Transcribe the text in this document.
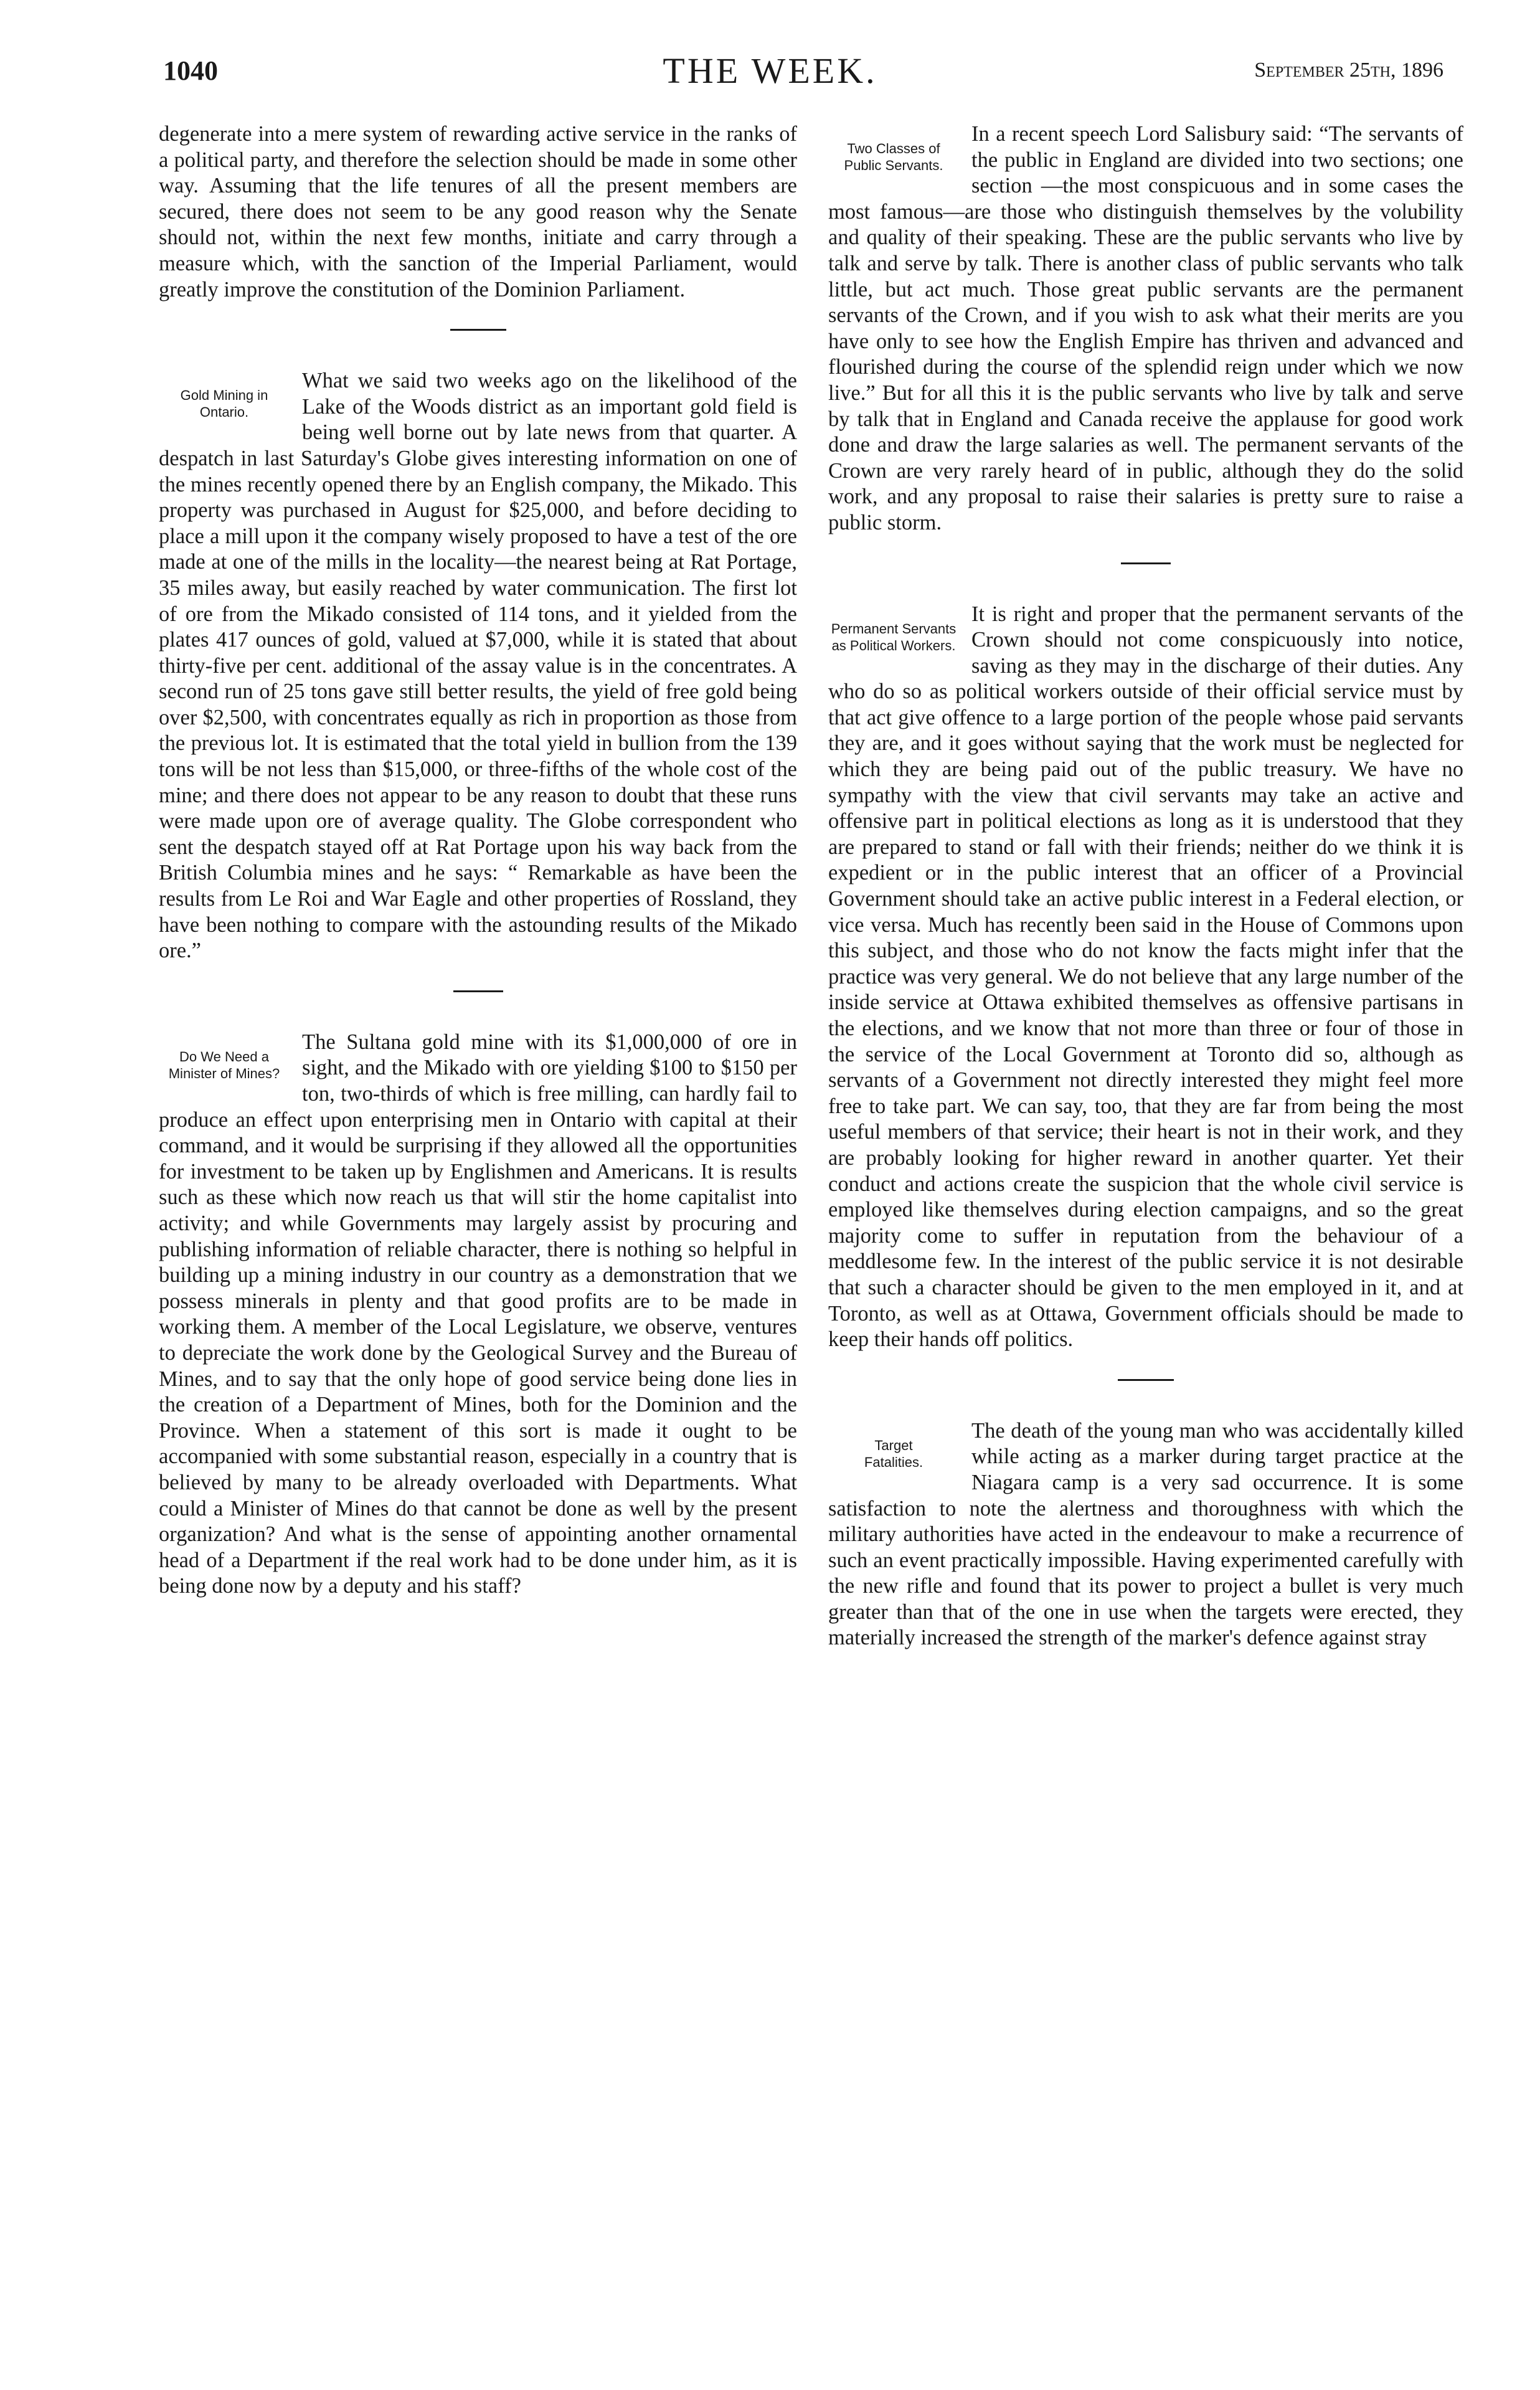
1040	THE WEEK.	September 25th, 1896

degenerate into a mere system of rewarding active service in the ranks of a political party, and therefore the selection should be made in some other way. Assuming that the life tenures of all the present members are secured, there does not seem to be any good reason why the Senate should not, within the next few months, initiate and carry through a measure which, with the sanction of the Imperial Parliament, would greatly improve the constitution of the Dominion Parliament.

Gold Mining in
Ontario.

What we said two weeks ago on the likelihood of the Lake of the Woods district as an important gold field is being well borne out by late news from that quarter. A despatch in last Saturday's Globe gives interesting information on one of the mines recently opened there by an English company, the Mikado. This property was purchased in August for $25,000, and before deciding to place a mill upon it the company wisely proposed to have a test of the ore made at one of the mills in the locality—the nearest being at Rat Portage, 35 miles away, but easily reached by water communication. The first lot of ore from the Mikado consisted of 114 tons, and it yielded from the plates 417 ounces of gold, valued at $7,000, while it is stated that about thirty-five per cent. additional of the assay value is in the concentrates. A second run of 25 tons gave still better results, the yield of free gold being over $2,500, with concentrates equally as rich in proportion as those from the previous lot. It is estimated that the total yield in bullion from the 139 tons will be not less than $15,000, or three-fifths of the whole cost of the mine; and there does not appear to be any reason to doubt that these runs were made upon ore of average quality. The Globe correspondent who sent the despatch stayed off at Rat Portage upon his way back from the British Columbia mines and he says: “ Remarkable as have been the results from Le Roi and War Eagle and other properties of Rossland, they have been nothing to compare with the astounding results of the Mikado ore.”

Do We Need a
Minister of Mines?

The Sultana gold mine with its $1,000,000 of ore in sight, and the Mikado with ore yielding $100 to $150 per ton, two-thirds of which is free milling, can hardly fail to produce an effect upon enterprising men in Ontario with capital at their command, and it would be surprising if they allowed all the opportunities for investment to be taken up by Englishmen and Americans. It is results such as these which now reach us that will stir the home capitalist into activity; and while Governments may largely assist by procuring and publishing information of reliable character, there is nothing so helpful in building up a mining industry in our country as a demonstration that we possess minerals in plenty and that good profits are to be made in working them. A member of the Local Legislature, we observe, ventures to depreciate the work done by the Geological Survey and the Bureau of Mines, and to say that the only hope of good service being done lies in the creation of a Department of Mines, both for the Dominion and the Province. When a statement of this sort is made it ought to be accompanied with some substantial reason, especially in a country that is believed by many to be already overloaded with Departments. What could a Minister of Mines do that cannot be done as well by the present organization? And what is the sense of appointing another ornamental head of a Department if the real work had to be done under him, as it is being done now by a deputy and his staff?

Two Classes of
Public Servants.

In a recent speech Lord Salisbury said: “The servants of the public in England are divided into two sections; one section —the most conspicuous and in some cases the most famous—are those who distinguish themselves by the volubility and quality of their speaking. These are the public servants who live by talk and serve by talk. There is another class of public servants who talk little, but act much. Those great public servants are the permanent servants of the Crown, and if you wish to ask what their merits are you have only to see how the English Empire has thriven and advanced and flourished during the course of the splendid reign under which we now live.” But for all this it is the public servants who live by talk and serve by talk that in England and Canada receive the applause for good work done and draw the large salaries as well. The permanent servants of the Crown are very rarely heard of in public, although they do the solid work, and any proposal to raise their salaries is pretty sure to raise a public storm.

Permanent Servants
as Political Workers.

It is right and proper that the permanent servants of the Crown should not come conspicuously into notice, saving as they may in the discharge of their duties. Any who do so as political workers outside of their official service must by that act give offence to a large portion of the people whose paid servants they are, and it goes without saying that the work must be neglected for which they are being paid out of the public treasury. We have no sympathy with the view that civil servants may take an active and offensive part in political elections as long as it is understood that they are prepared to stand or fall with their friends; neither do we think it is expedient or in the public interest that an officer of a Provincial Government should take an active public interest in a Federal election, or vice versa. Much has recently been said in the House of Commons upon this subject, and those who do not know the facts might infer that the practice was very general. We do not believe that any large number of the inside service at Ottawa exhibited themselves as offensive partisans in the elections, and we know that not more than three or four of those in the service of the Local Government at Toronto did so, although as servants of a Government not directly interested they might feel more free to take part. We can say, too, that they are far from being the most useful members of that service; their heart is not in their work, and they are probably looking for higher reward in another quarter. Yet their conduct and actions create the suspicion that the whole civil service is employed like themselves during election campaigns, and so the great majority come to suffer in reputation from the behaviour of a meddlesome few. In the interest of the public service it is not desirable that such a character should be given to the men employed in it, and at Toronto, as well as at Ottawa, Government officials should be made to keep their hands off politics.

Target
Fatalities.

The death of the young man who was accidentally killed while acting as a marker during target practice at the Niagara camp is a very sad occurrence. It is some satisfaction to note the alertness and thoroughness with which the military authorities have acted in the endeavour to make a recurrence of such an event practically impossible. Having experimented carefully with the new rifle and found that its power to project a bullet is very much greater than that of the one in use when the targets were erected, they materially increased the strength of the marker's defence against stray
